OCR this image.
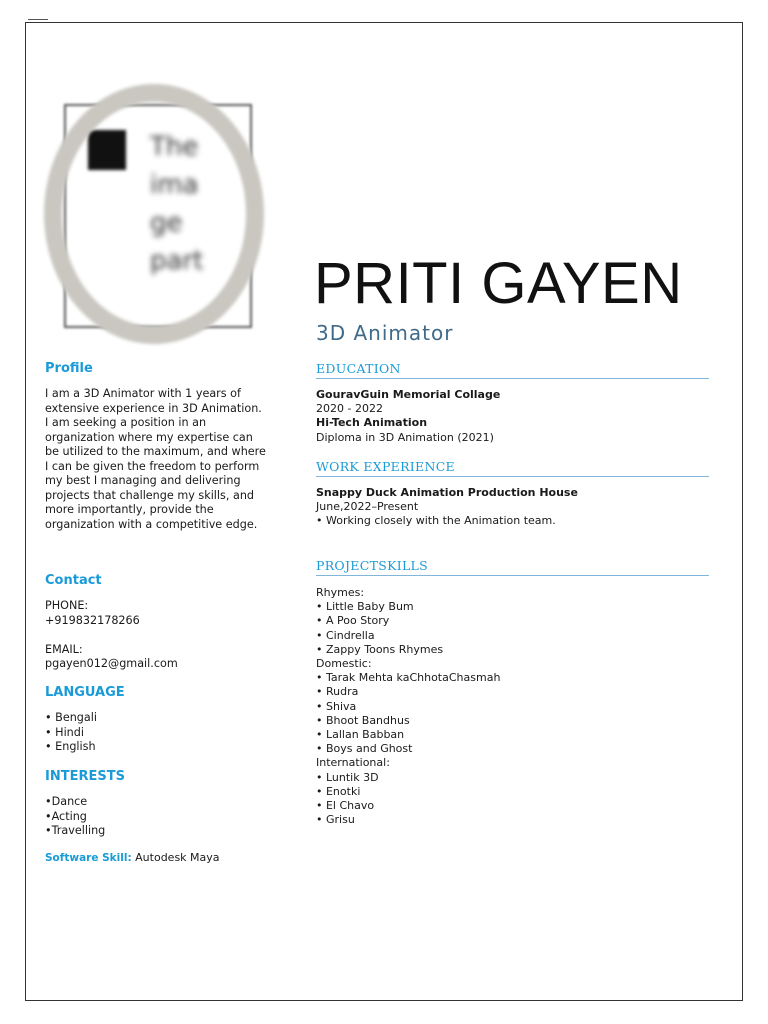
The
ima
ge
part

Profile
I am a 3D Animator with 1 years of extensive experience in 3D Animation. I am seeking a position in an organization where my expertise can be utilized to the maximum, and where I can be given the freedom to perform my best I managing and delivering projects that challenge my skills, and more importantly, provide the organization with a competitive edge.
Contact
PHONE:
+919832178266
EMAIL:
pgayen012@gmail.com
LANGUAGE
• Bengali
• Hindi
• English
INTERESTS
•Dance
•Acting
•Travelling
Software Skill: Autodesk Maya
PRITI GAYEN
3D Animator
EDUCATION
GouravGuin Memorial Collage
2020 - 2022
Hi-Tech Animation
Diploma in 3D Animation (2021)
WORK EXPERIENCE
Snappy Duck Animation Production House
June,2022–Present
• Working closely with the Animation team.
PROJECTSKILLS
Rhymes:
• Little Baby Bum
• A Poo Story
• Cindrella
• Zappy Toons Rhymes
Domestic:
• Tarak Mehta kaChhotaChasmah
• Rudra
• Shiva
• Bhoot Bandhus
• Lallan Babban
• Boys and Ghost
International:
• Luntik 3D
• Enotki
• El Chavo
• Grisu
